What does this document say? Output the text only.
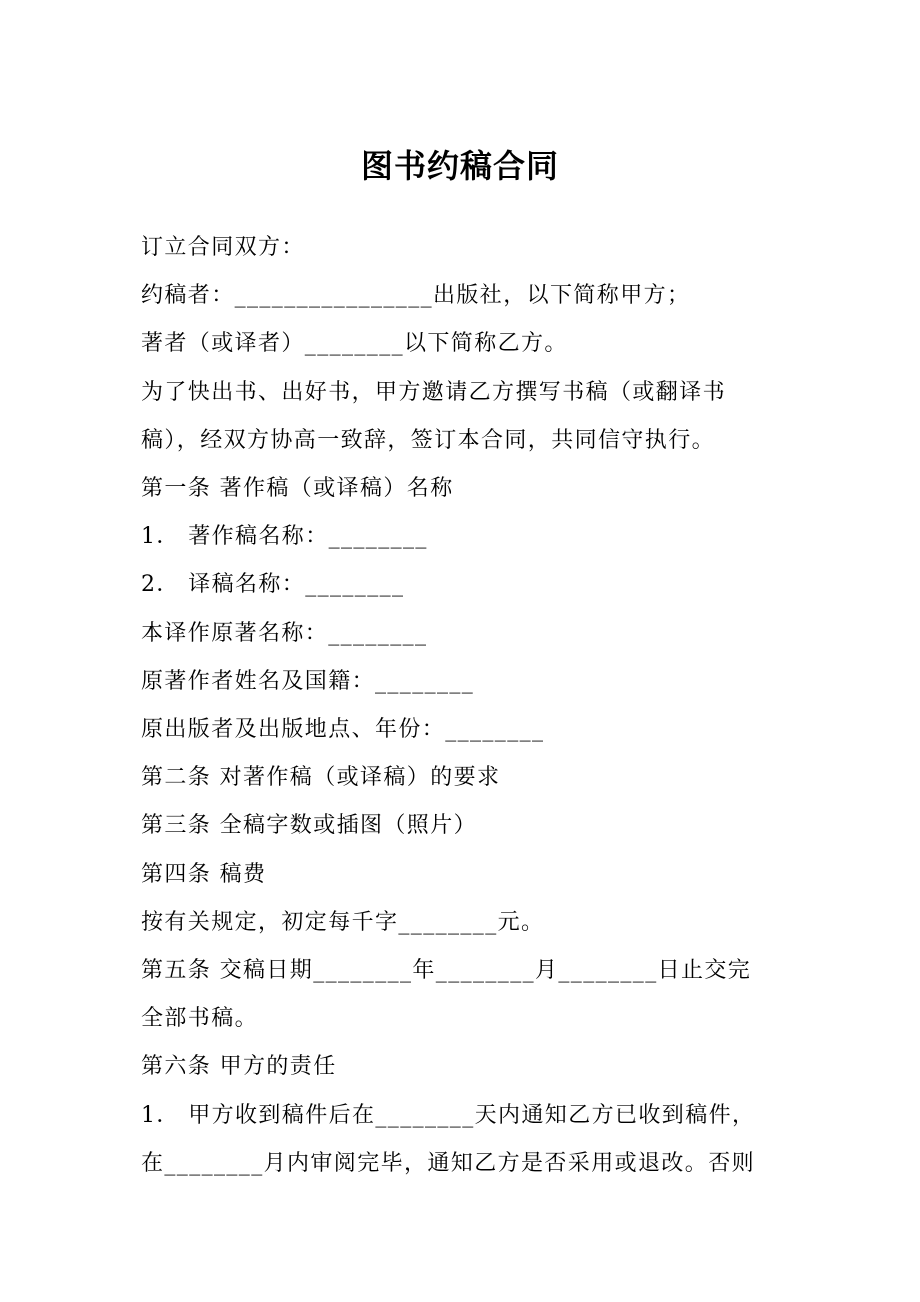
图书约稿合同

订立合同双方：

约稿者：________________出版社，以下简称甲方；

著者（或译者）________以下简称乙方。

为了快出书、出好书，甲方邀请乙方撰写书稿（或翻译书

稿），经双方协高一致辞，签订本合同，共同信守执行。

第一条 著作稿（或译稿）名称

1． 著作稿名称：________

2． 译稿名称：________

本译作原著名称：________

原著作者姓名及国籍：________

原出版者及出版地点、年份：________

第二条 对著作稿（或译稿）的要求

第三条 全稿字数或插图（照片）

第四条 稿费

按有关规定，初定每千字________元。

第五条 交稿日期________年________月________日止交完

全部书稿。

第六条 甲方的责任

1． 甲方收到稿件后在________天内通知乙方已收到稿件，

在________月内审阅完毕，通知乙方是否采用或退改。否则
